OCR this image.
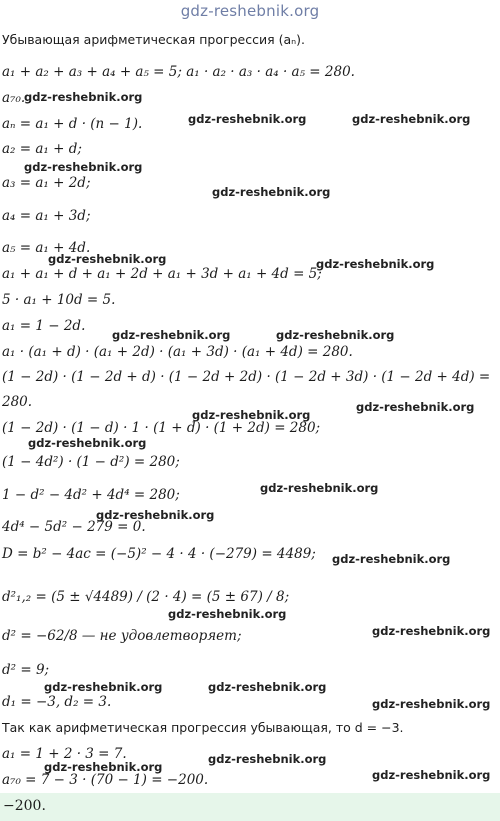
gdz-reshebnik.org
Убывающая арифметическая прогрессия (aₙ).
a₁ + a₂ + a₃ + a₄ + a₅ = 5; a₁ · a₂ · a₃ · a₄ · a₅ = 280.
a₇₀.
aₙ = a₁ + d · (n − 1).
a₂ = a₁ + d;
a₃ = a₁ + 2d;
a₄ = a₁ + 3d;
a₅ = a₁ + 4d.
a₁ + a₁ + d + a₁ + 2d + a₁ + 3d + a₁ + 4d = 5;
5 · a₁ + 10d = 5.
a₁ = 1 − 2d.
a₁ · (a₁ + d) · (a₁ + 2d) · (a₁ + 3d) · (a₁ + 4d) = 280.
(1 − 2d) · (1 − 2d + d) · (1 − 2d + 2d) · (1 − 2d + 3d) · (1 − 2d + 4d) =
280.
(1 − 2d) · (1 − d) · 1 · (1 + d) · (1 + 2d) = 280;
(1 − 4d²) · (1 − d²) = 280;
1 − d² − 4d² + 4d⁴ = 280;
4d⁴ − 5d² − 279 = 0.
D = b² − 4ac = (−5)² − 4 · 4 · (−279) = 4489;
d²₁,₂ = (5 ± √4489) / (2 · 4) = (5 ± 67) / 8;
d² = −62/8 — не удовлетворяет;
d² = 9;
d₁ = −3, d₂ = 3.
Так как арифметическая прогрессия убывающая, то d = −3.
a₁ = 1 + 2 · 3 = 7.
a₇₀ = 7 − 3 · (70 − 1) = −200.
gdz-reshebnik.org
gdz-reshebnik.org	gdz-reshebnik.org
gdz-reshebnik.org
gdz-reshebnik.org
gdz-reshebnik.org	gdz-reshebnik.org
gdz-reshebnik.org	gdz-reshebnik.org
gdz-reshebnik.org
gdz-reshebnik.org
gdz-reshebnik.org
gdz-reshebnik.org
gdz-reshebnik.org
gdz-reshebnik.org
gdz-reshebnik.org
gdz-reshebnik.org
gdz-reshebnik.org	gdz-reshebnik.org
gdz-reshebnik.org
gdz-reshebnik.org
gdz-reshebnik.org
gdz-reshebnik.org
−200.
